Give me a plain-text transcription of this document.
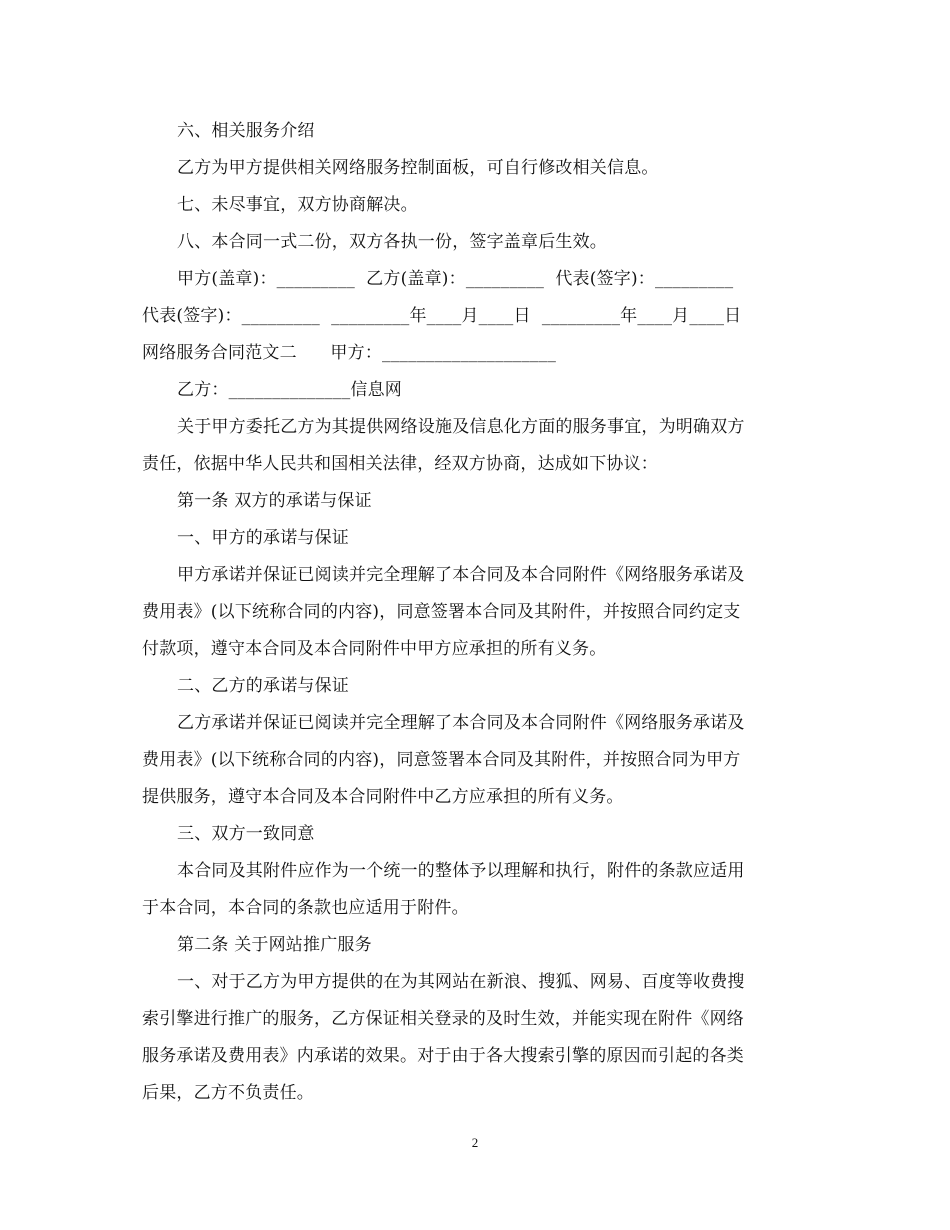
六、相关服务介绍
乙方为甲方提供相关网络服务控制面板，可自行修改相关信息。
七、未尽事宜，双方协商解决。
八、本合同一式二份，双方各执一份，签字盖章后生效。
甲方(盖章)：_________  乙方(盖章)：_________  代表(签字)：_________
代表(签字)：_________  _________年____月____日  _________年____月____日
网络服务合同范文二      甲方：____________________
乙方：______________信息网
关于甲方委托乙方为其提供网络设施及信息化方面的服务事宜，为明确双方
责任，依据中华人民共和国相关法律，经双方协商，达成如下协议：
第一条 双方的承诺与保证
一、甲方的承诺与保证
甲方承诺并保证已阅读并完全理解了本合同及本合同附件《网络服务承诺及
费用表》(以下统称合同的内容)，同意签署本合同及其附件，并按照合同约定支
付款项，遵守本合同及本合同附件中甲方应承担的所有义务。
二、乙方的承诺与保证
乙方承诺并保证已阅读并完全理解了本合同及本合同附件《网络服务承诺及
费用表》(以下统称合同的内容)，同意签署本合同及其附件，并按照合同为甲方
提供服务，遵守本合同及本合同附件中乙方应承担的所有义务。
三、双方一致同意
本合同及其附件应作为一个统一的整体予以理解和执行，附件的条款应适用
于本合同，本合同的条款也应适用于附件。
第二条 关于网站推广服务
一、对于乙方为甲方提供的在为其网站在新浪、搜狐、网易、百度等收费搜
索引擎进行推广的服务，乙方保证相关登录的及时生效，并能实现在附件《网络
服务承诺及费用表》内承诺的效果。对于由于各大搜索引擎的原因而引起的各类
后果，乙方不负责任。
2
